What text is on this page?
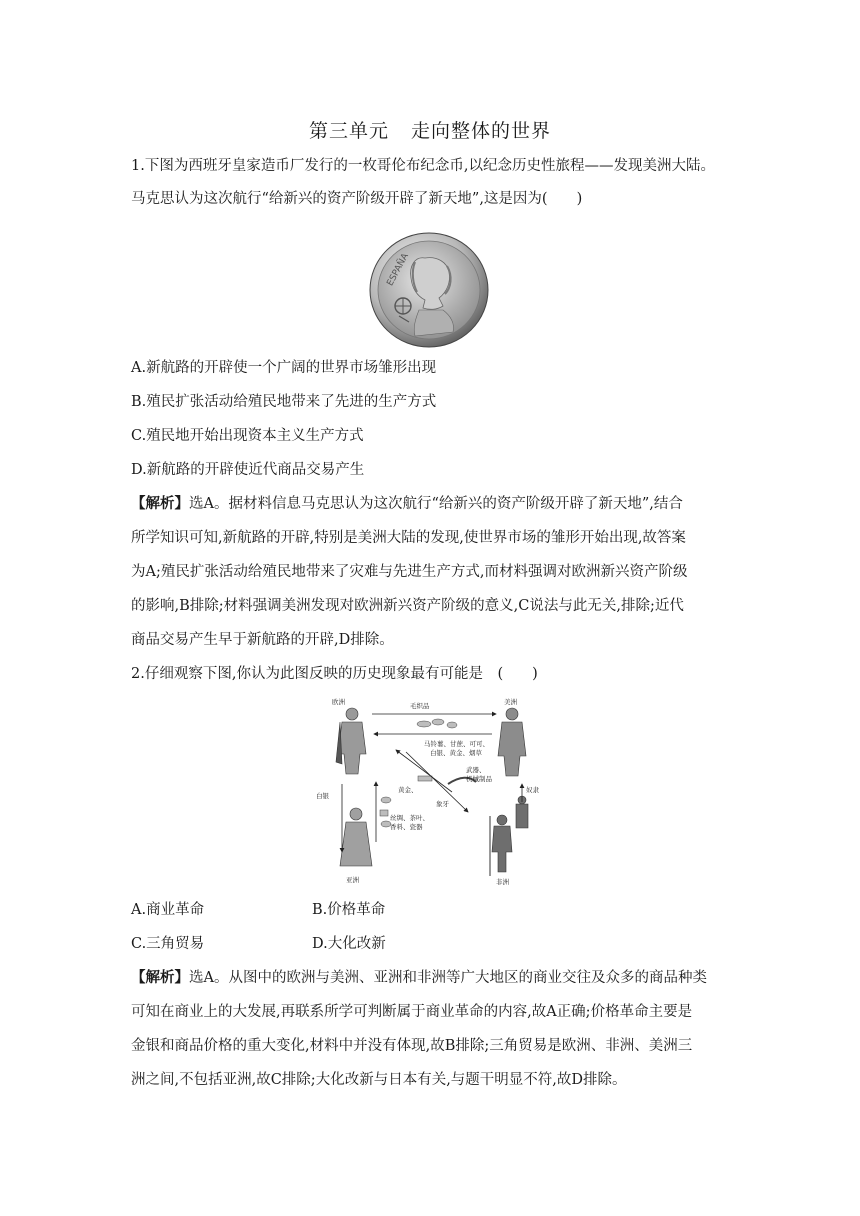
第三单元 走向整体的世界
1.下图为西班牙皇家造币厂发行的一枚哥伦布纪念币,以纪念历史性旅程——发现美洲大陆。
马克思认为这次航行“给新兴的资产阶级开辟了新天地”,这是因为(　　)
ESPAÑA
A.新航路的开辟使一个广阔的世界市场雏形出现
B.殖民扩张活动给殖民地带来了先进的生产方式
C.殖民地开始出现资本主义生产方式
D.新航路的开辟使近代商品交易产生
【解析】选A。据材料信息马克思认为这次航行“给新兴的资产阶级开辟了新天地”,结合
所学知识可知,新航路的开辟,特别是美洲大陆的发现,使世界市场的雏形开始出现,故答案
为A;殖民扩张活动给殖民地带来了灾难与先进生产方式,而材料强调对欧洲新兴资产阶级
的影响,B排除;材料强调美洲发现对欧洲新兴资产阶级的意义,C说法与此无关,排除;近代
商品交易产生早于新航路的开辟,D排除。
2.仔细观察下图,你认为此图反映的历史现象最有可能是　(　　)
欧洲	美洲
亚洲	非洲
毛织品
马铃薯、甘蔗、可可、
白银、黄金、烟草
武器、
机械制品
黄金、
象牙
丝绸、茶叶、
香料、瓷器
白银
奴隶
A.商业革命	B.价格革命
C.三角贸易	D.大化改新
【解析】选A。从图中的欧洲与美洲、亚洲和非洲等广大地区的商业交往及众多的商品种类
可知在商业上的大发展,再联系所学可判断属于商业革命的内容,故A正确;价格革命主要是
金银和商品价格的重大变化,材料中并没有体现,故B排除;三角贸易是欧洲、非洲、美洲三
洲之间,不包括亚洲,故C排除;大化改新与日本有关,与题干明显不符,故D排除。
